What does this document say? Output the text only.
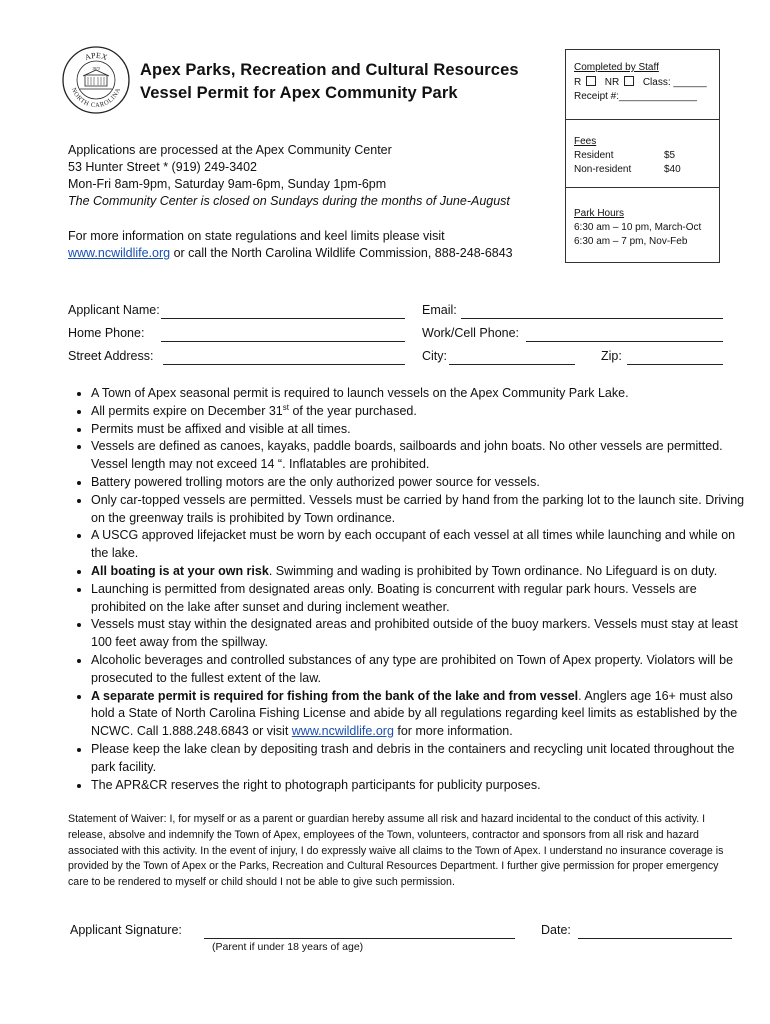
APEX
NORTH CAROLINA
1873 Apex Parks, Recreation and Cultural Resources
Vessel Permit for Apex Community Park
Completed by Staff
R NR Class: ______
Receipt #:______________
Fees
Resident	$5
Non-resident	$40
Park Hours
6:30 am – 10 pm, March-Oct
6:30 am – 7 pm, Nov-Feb
Applications are processed at the Apex Community Center
53 Hunter Street * (919) 249-3402
Mon-Fri 8am-9pm, Saturday 9am-6pm, Sunday 1pm-6pm
The Community Center is closed on Sundays during the months of June-August
For more information on state regulations and keel limits please visit
www.ncwildlife.org or call the North Carolina Wildlife Commission, 888-248-6843
Applicant Name:	Email:
Home Phone:	Work/Cell Phone:
Street Address:	City:	Zip:
• A Town of Apex seasonal permit is required to launch vessels on the Apex Community Park Lake.
• All permits expire on December 31st of the year purchased.
• Permits must be affixed and visible at all times.
• Vessels are defined as canoes, kayaks, paddle boards, sailboards and john boats. No other vessels are permitted. Vessel length may not exceed 14 “. Inflatables are prohibited.
• Battery powered trolling motors are the only authorized power source for vessels.
• Only car-topped vessels are permitted. Vessels must be carried by hand from the parking lot to the launch site. Driving on the greenway trails is prohibited by Town ordinance.
• A USCG approved lifejacket must be worn by each occupant of each vessel at all times while launching and while on the lake.
• All boating is at your own risk. Swimming and wading is prohibited by Town ordinance. No Lifeguard is on duty.
• Launching is permitted from designated areas only. Boating is concurrent with regular park hours. Vessels are prohibited on the lake after sunset and during inclement weather.
• Vessels must stay within the designated areas and prohibited outside of the buoy markers. Vessels must stay at least 100 feet away from the spillway.
• Alcoholic beverages and controlled substances of any type are prohibited on Town of Apex property. Violators will be prosecuted to the fullest extent of the law.
• A separate permit is required for fishing from the bank of the lake and from vessel. Anglers age 16+ must also hold a State of North Carolina Fishing License and abide by all regulations regarding keel limits as established by the NCWC. Call 1.888.248.6843 or visit www.ncwildlife.org for more information.
• Please keep the lake clean by depositing trash and debris in the containers and recycling unit located throughout the park facility.
• The APR&CR reserves the right to photograph participants for publicity purposes.
Statement of Waiver: I, for myself or as a parent or guardian hereby assume all risk and hazard incidental to the conduct of this activity. I release, absolve and indemnify the Town of Apex, employees of the Town, volunteers, contractor and sponsors from all risk and hazard associated with this activity. In the event of injury, I do expressly waive all claims to the Town of Apex. I understand no insurance coverage is provided by the Town of Apex or the Parks, Recreation and Cultural Resources Department. I further give permission for proper emergency care to be rendered to myself or child should I not be able to give such permission.
Applicant Signature:
(Parent if under 18 years of age)
Date:
